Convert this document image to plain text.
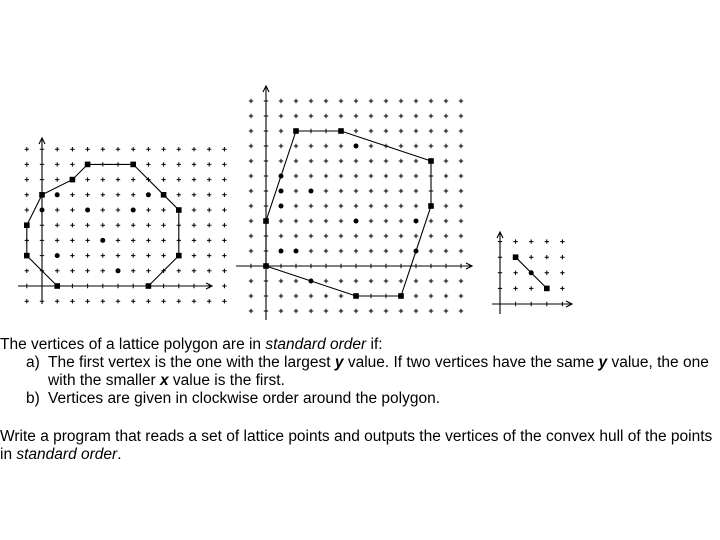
The vertices of a lattice polygon are in standard order if:

a) The first vertex is the one with the largest y value. If two vertices have the same y value, the one with the smaller x value is the first.
b) Vertices are given in clockwise order around the polygon.

Write a program that reads a set of lattice points and outputs the vertices of the convex hull of the points in standard order.
